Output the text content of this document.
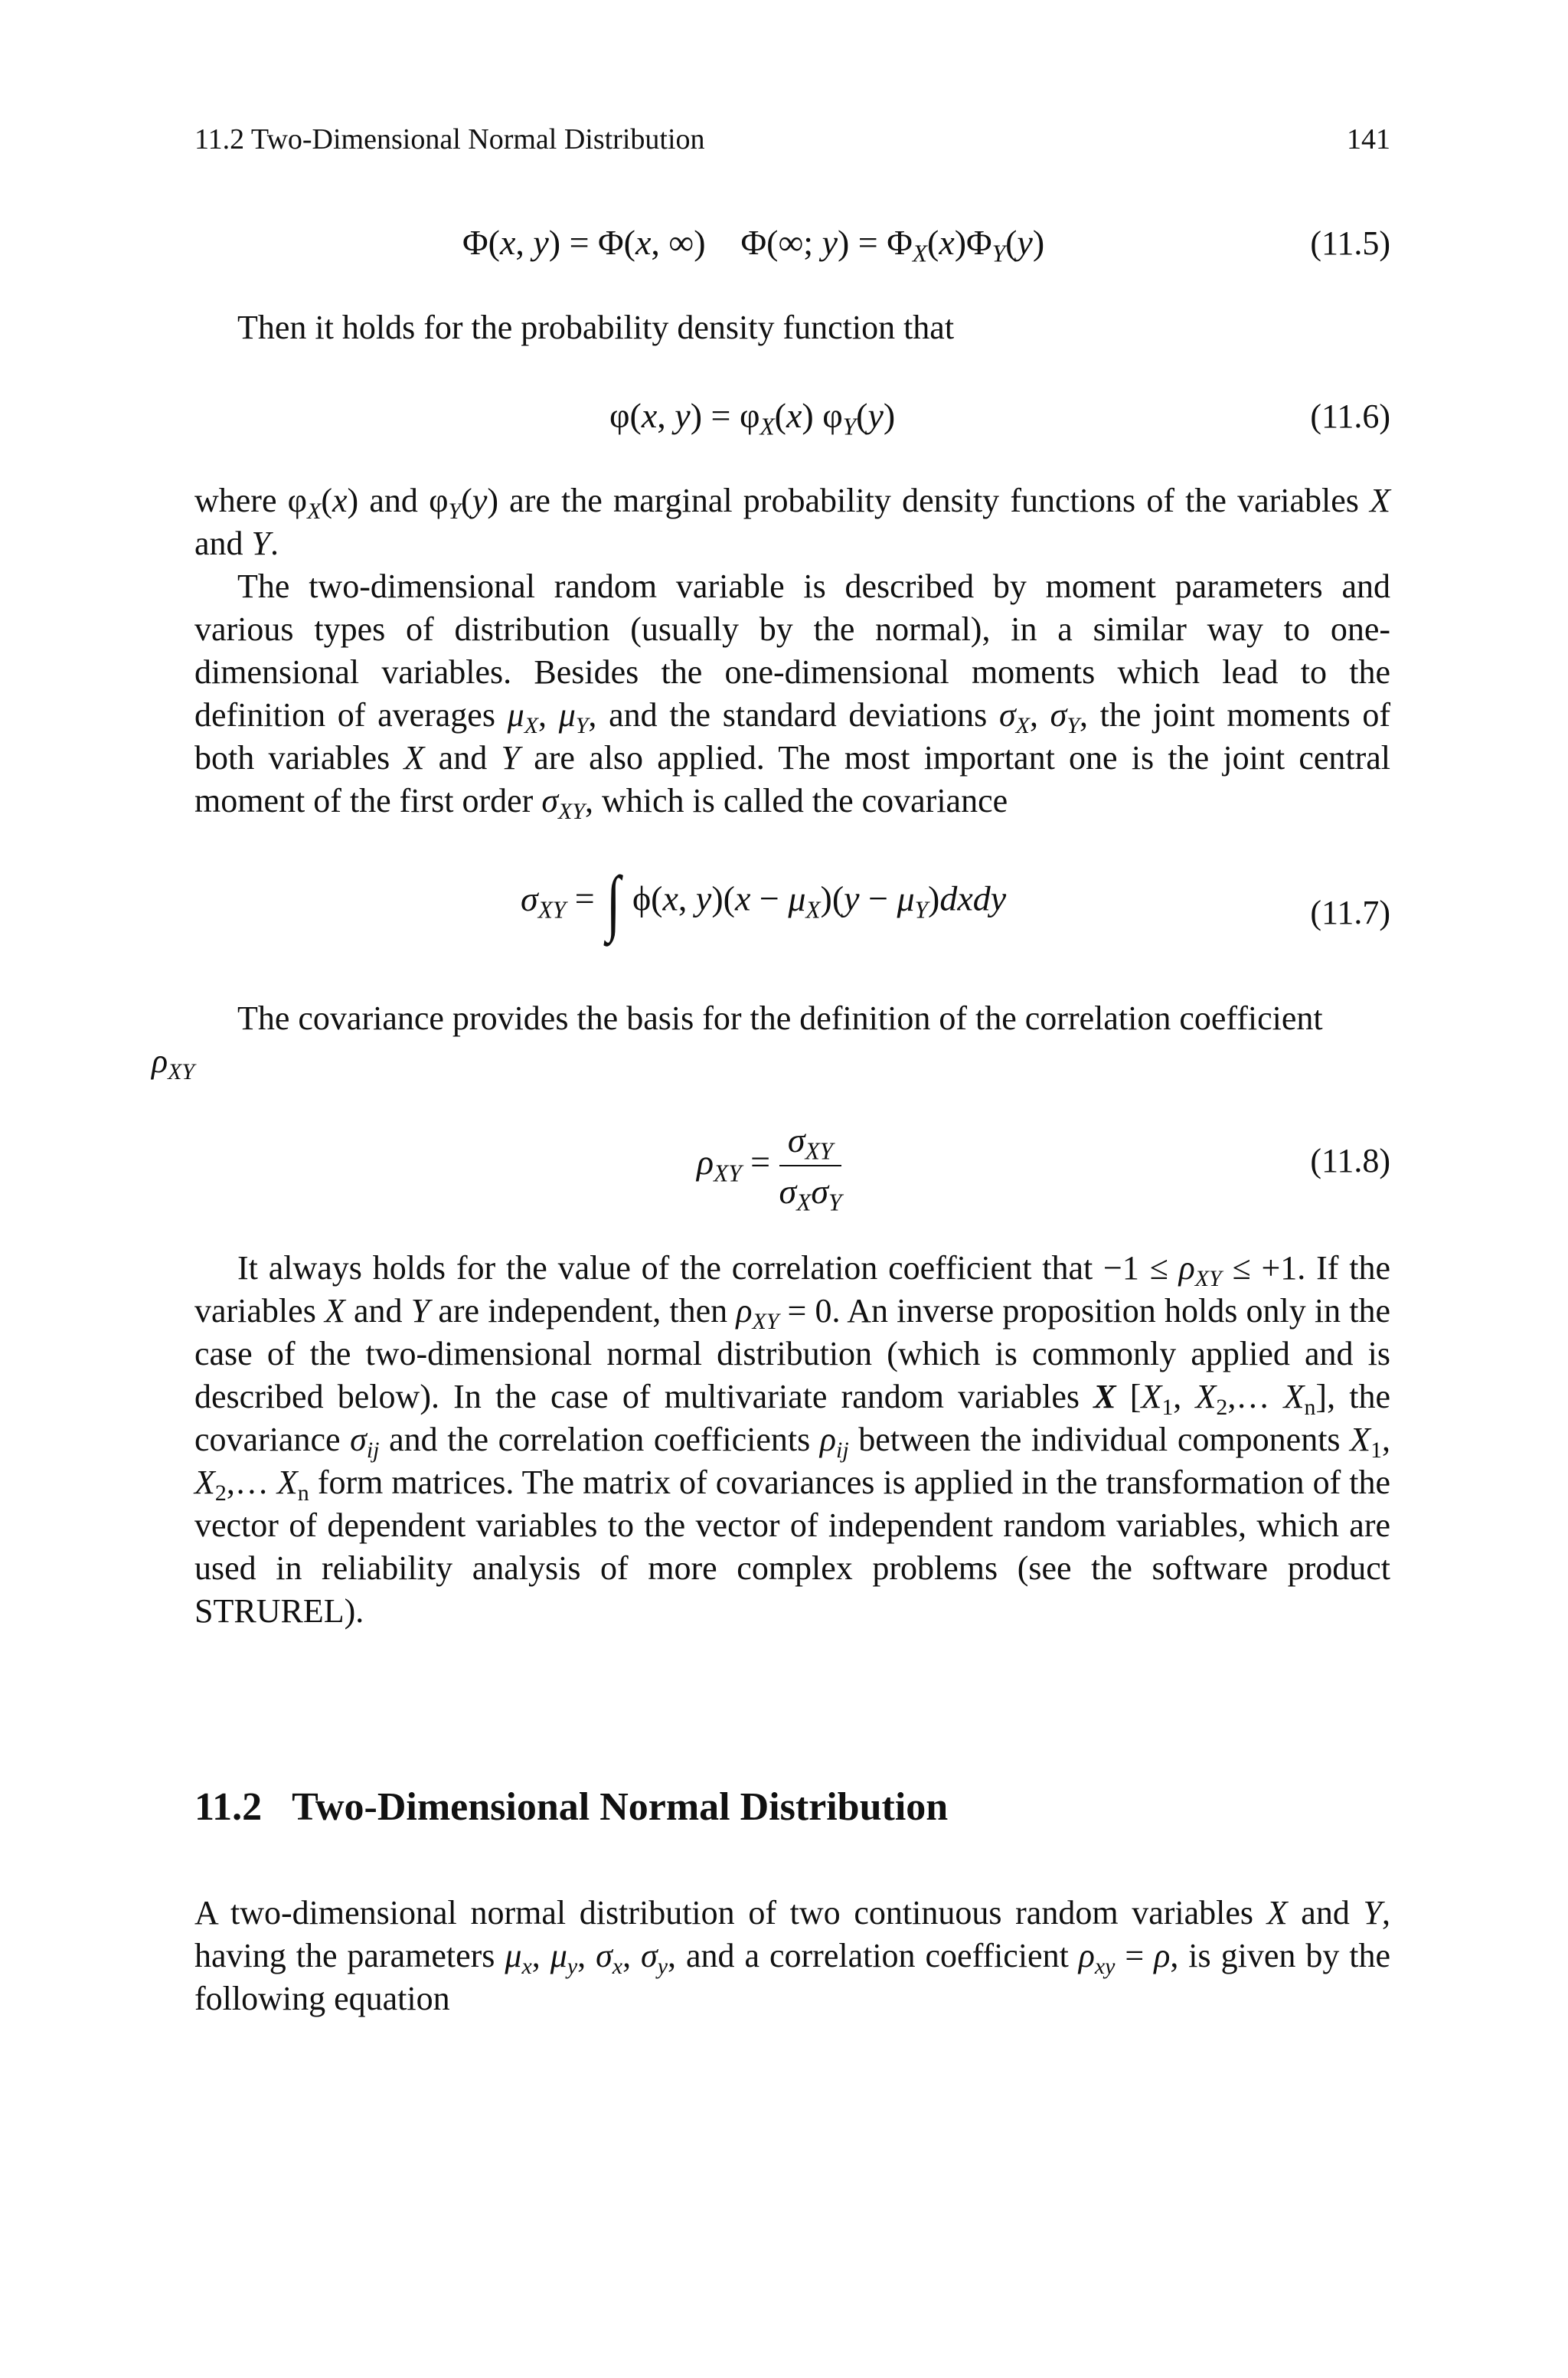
11.2 Two-Dimensional Normal Distribution	141
Φ(x, y) = Φ(x, ∞)    Φ(∞; $y) = \Phi_X(x)\Phi_Y(y)$	(11.5)
Then it holds for the probability density function that
φ(x, $y) = \varphi_X(x)$ $\varphi_Y(y)$	(11.6)
where $\varphi_X(x)$ and $\varphi_Y(y)$ are the marginal probability density functions of the variables X and Y.
The two-dimensional random variable is described by moment parameters and various types of distribution (usually by the normal), in a similar way to one-dimensional variables. Besides the one-dimensional moments which lead to the definition of averages $\mu_X$, $\mu_Y$, and the standard deviations $\sigma_X$, $\sigma_Y$, the joint moments of both variables X and Y are also applied. The most important one is the joint central moment of the first order $\sigma_{XY}$, which is called the covariance
$\sigma_{XY}$ = ∫ ϕ(x, $y)(x - \mu_X)(y$ − $\mu_Y)dxdy$	(11.7)
The covariance provides the basis for the definition of the correlation coefficient
$\rho_{XY}$
$\rho_{XY} = \frac{\sigma_{XY}}{\sigma_X\sigma_Y}$	(11.8)
It always holds for the value of the correlation coefficient that $-1 \le \rho_{XY} \le +1$. If the variables X and Y are independent, then $\rho_{XY} = 0$. An inverse proposition holds only in the case of the two-dimensional normal distribution (which is commonly applied and is described below). In the case of multivariate random variables X [$X_1$, $X_2,\dots$ $X_n$], the covariance $\sigma_{ij}$ and the correlation coefficients $\rho_{ij}$ between the individual components $X_1$, $X_2,\dots$ $X_n$ form matrices. The matrix of covariances is applied in the transformation of the vector of dependent variables to the vector of independent random variables, which are used in reliability analysis of more complex problems (see the software product STRUREL).
11.2 Two-Dimensional Normal Distribution
A two-dimensional normal distribution of two continuous random variables X and Y, having the parameters $\mu_x$, $\mu_y$, $\sigma_x$, $\sigma_y$, and a correlation coefficient $\rho_{xy} = \rho$, is given by the following equation
